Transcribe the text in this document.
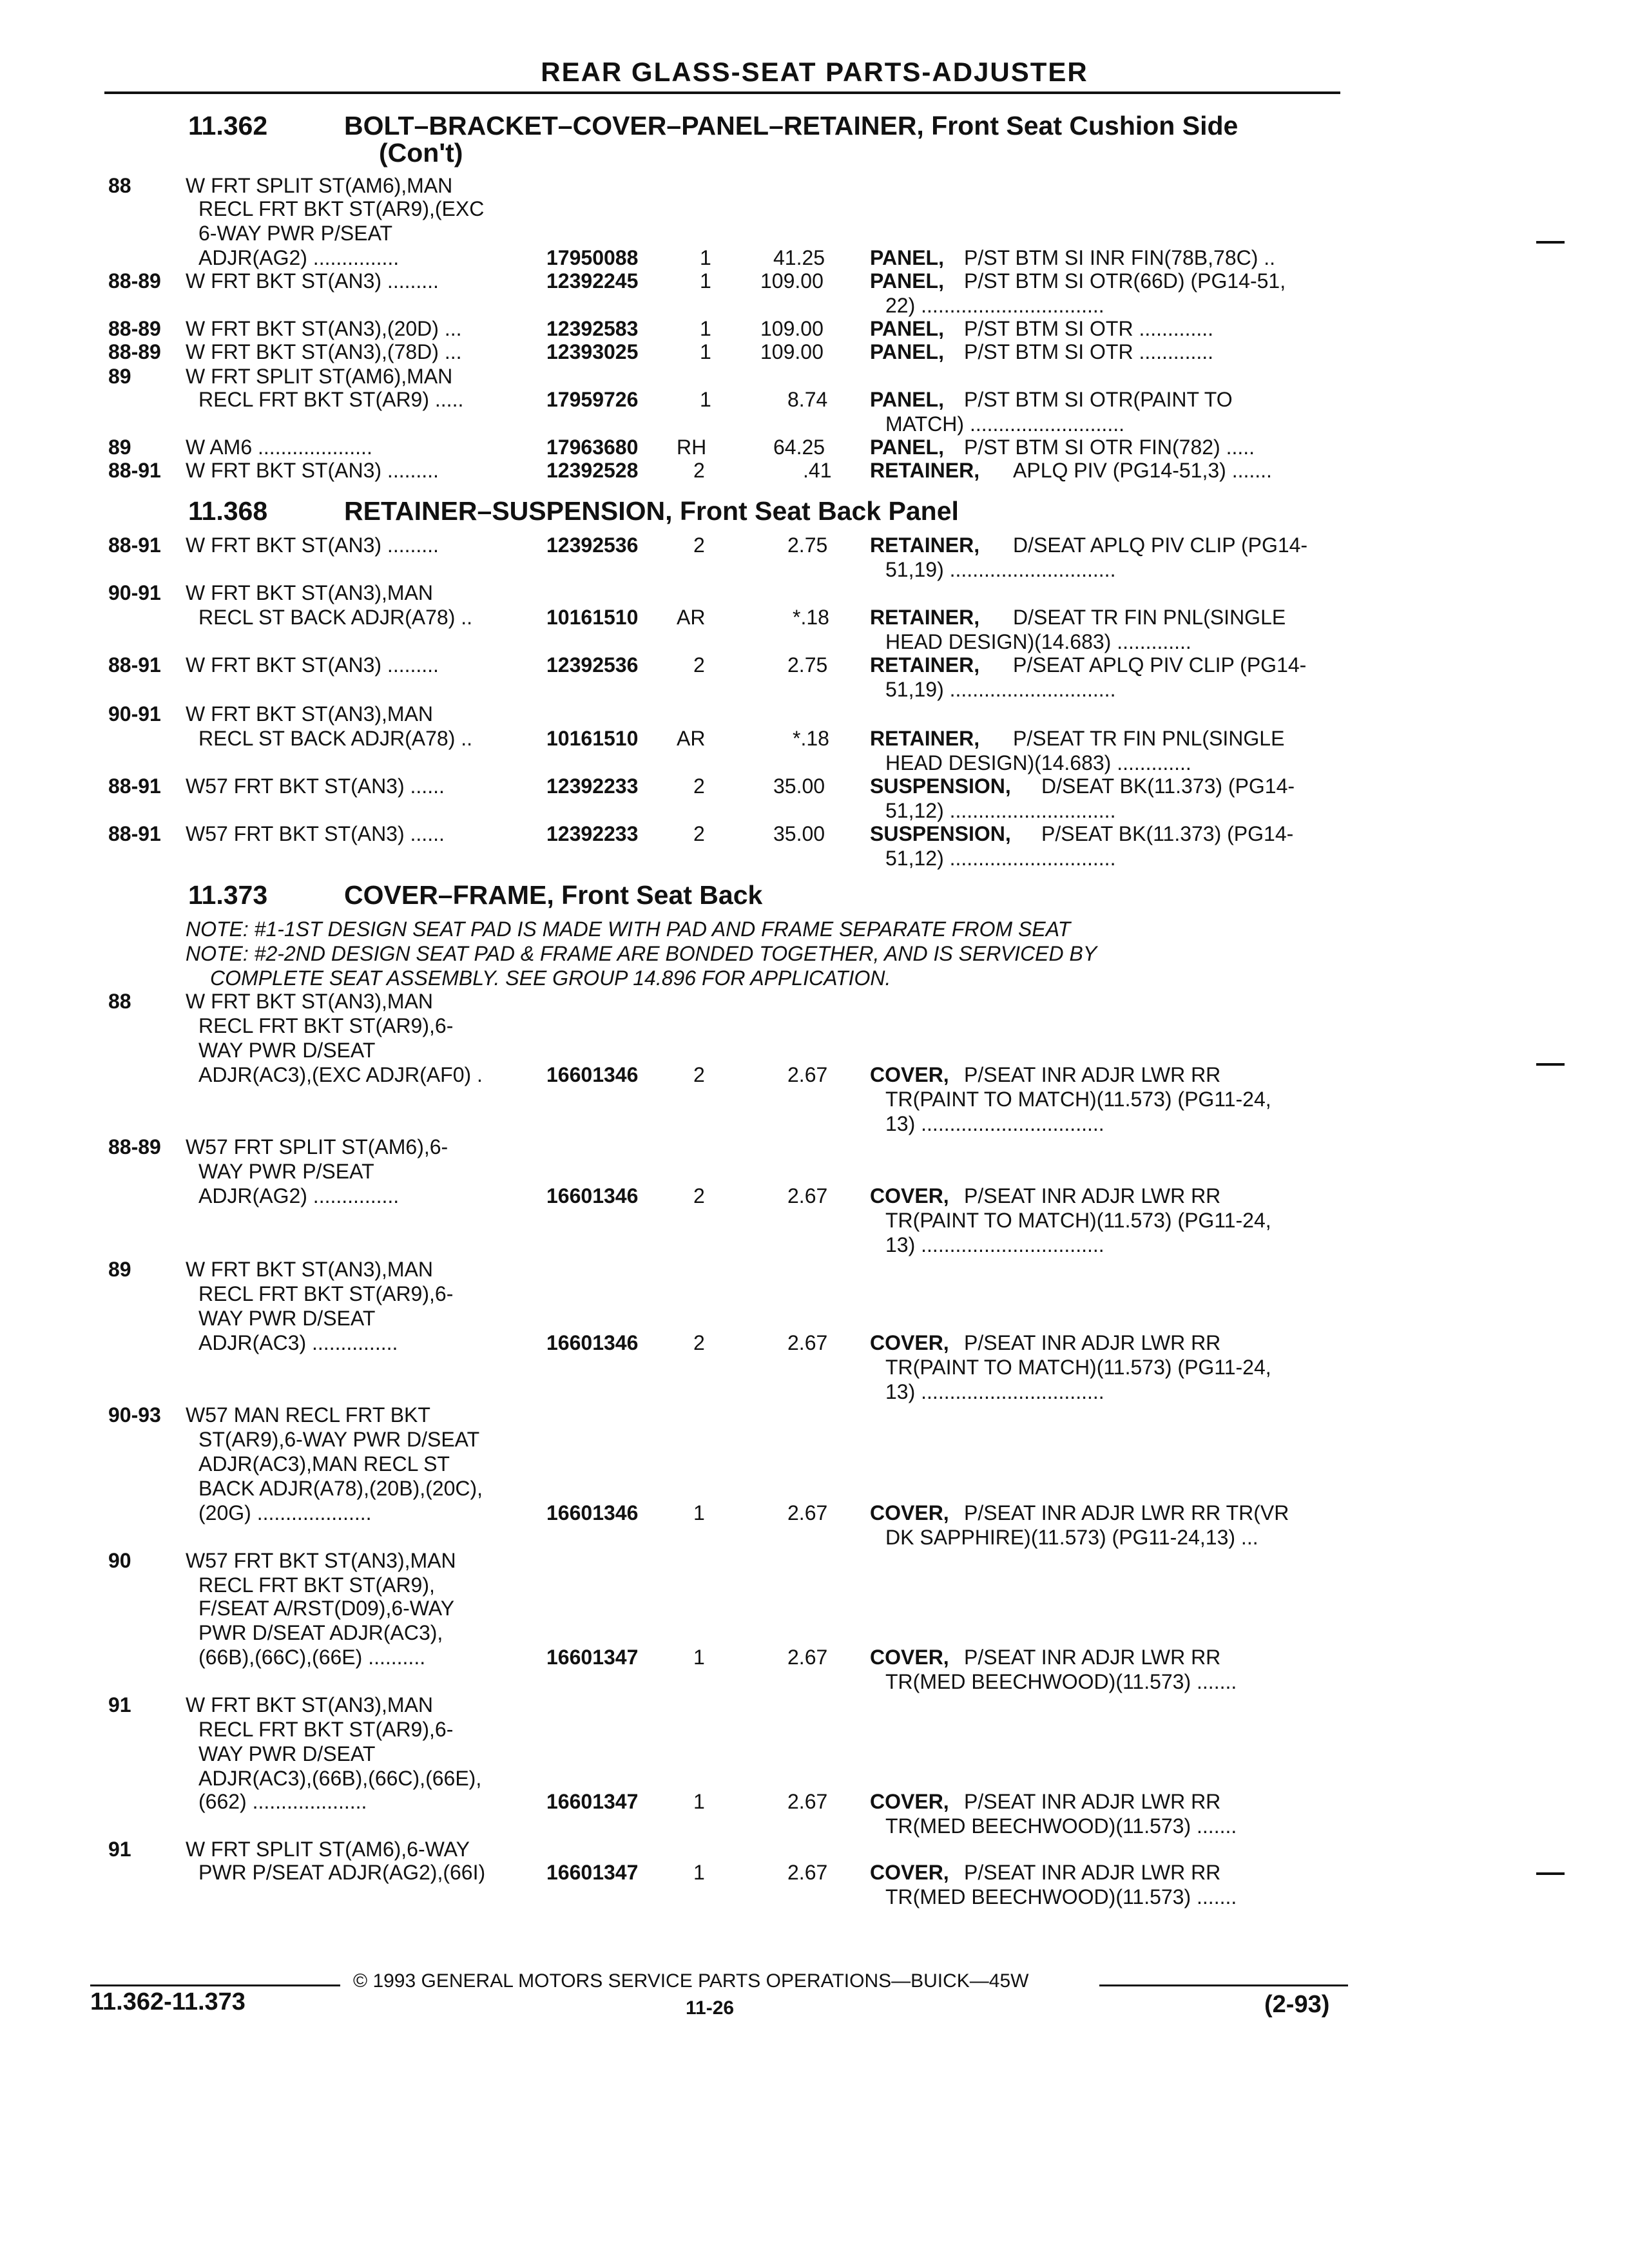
REAR GLASS-SEAT PARTS-ADJUSTER
11.362	BOLT–BRACKET–COVER–PANEL–RETAINER, Front Seat Cushion Side
(Con't)
88	W FRT SPLIT ST(AM6),MAN
RECL FRT BKT ST(AR9),(EXC
6-WAY PWR P/SEAT
ADJR(AG2) ...............	17950088	1	41.25 PANEL, P/ST BTM SI INR FIN(78B,78C) ..
88-89 W FRT BKT ST(AN3) .........	12392245	1 109.00 PANEL, P/ST BTM SI OTR(66D) (PG14-51,
22) ................................
88-89 W FRT BKT ST(AN3),(20D) ...	12392583	1 109.00 PANEL, P/ST BTM SI OTR .............
88-89 W FRT BKT ST(AN3),(78D) ...	12393025	1 109.00 PANEL, P/ST BTM SI OTR .............
89	W FRT SPLIT ST(AM6),MAN
RECL FRT BKT ST(AR9) .....	17959726	1	8.74 PANEL, P/ST BTM SI OTR(PAINT TO
MATCH) ...........................
89	W AM6 ....................	17963680 RH	64.25 PANEL, P/ST BTM SI OTR FIN(782) .....
88-91 W FRT BKT ST(AN3) .........	12392528	2	.41 RETAINER, APLQ PIV (PG14-51,3) .......
88-91 W FRT BKT ST(AN3) .........	12392536	2	2.75 RETAINER, D/SEAT APLQ PIV CLIP (PG14-
51,19) .............................
90-91 W FRT BKT ST(AN3),MAN
RECL ST BACK ADJR(A78) ..	10161510 AR	*.18 RETAINER, D/SEAT TR FIN PNL(SINGLE
HEAD DESIGN)(14.683) .............
88-91 W FRT BKT ST(AN3) .........	12392536	2	2.75 RETAINER, P/SEAT APLQ PIV CLIP (PG14-
51,19) .............................
90-91 W FRT BKT ST(AN3),MAN
RECL ST BACK ADJR(A78) ..	10161510 AR	*.18 RETAINER, P/SEAT TR FIN PNL(SINGLE
HEAD DESIGN)(14.683) .............
88-91 W57 FRT BKT ST(AN3) ......	12392233	2	35.00 SUSPENSION, D/SEAT BK(11.373) (PG14-
51,12) .............................
88-91 W57 FRT BKT ST(AN3) ......	12392233	2	35.00 SUSPENSION, P/SEAT BK(11.373) (PG14-
51,12) .............................
NOTE: #1-1ST DESIGN SEAT PAD IS MADE WITH PAD AND FRAME SEPARATE FROM SEAT
NOTE: #2-2ND DESIGN SEAT PAD & FRAME ARE BONDED TOGETHER, AND IS SERVICED BY
COMPLETE SEAT ASSEMBLY. SEE GROUP 14.896 FOR APPLICATION.
88	W FRT BKT ST(AN3),MAN
RECL FRT BKT ST(AR9),6-
WAY PWR D/SEAT
ADJR(AC3),(EXC ADJR(AF0) .	16601346	2	2.67 COVER, P/SEAT INR ADJR LWR RR
TR(PAINT TO MATCH)(11.573) (PG11-24,
13) ................................
88-89 W57 FRT SPLIT ST(AM6),6-
WAY PWR P/SEAT
ADJR(AG2) ...............	16601346	2	2.67 COVER, P/SEAT INR ADJR LWR RR
TR(PAINT TO MATCH)(11.573) (PG11-24,
13) ................................
89	W FRT BKT ST(AN3),MAN
RECL FRT BKT ST(AR9),6-
WAY PWR D/SEAT
ADJR(AC3) ...............	16601346	2	2.67 COVER, P/SEAT INR ADJR LWR RR
TR(PAINT TO MATCH)(11.573) (PG11-24,
13) ................................
90-93 W57 MAN RECL FRT BKT
ST(AR9),6-WAY PWR D/SEAT
ADJR(AC3),MAN RECL ST
BACK ADJR(A78),(20B),(20C),
(20G) ....................	16601346	1	2.67 COVER, P/SEAT INR ADJR LWR RR TR(VR
DK SAPPHIRE)(11.573) (PG11-24,13) ...
90	W57 FRT BKT ST(AN3),MAN
RECL FRT BKT ST(AR9),
F/SEAT A/RST(D09),6-WAY
PWR D/SEAT ADJR(AC3),
(66B),(66C),(66E) ..........	16601347	1	2.67 COVER, P/SEAT INR ADJR LWR RR
TR(MED BEECHWOOD)(11.573) .......
91	W FRT BKT ST(AN3),MAN
RECL FRT BKT ST(AR9),6-
WAY PWR D/SEAT
ADJR(AC3),(66B),(66C),(66E),
(662) ....................	16601347	1	2.67 COVER, P/SEAT INR ADJR LWR RR
TR(MED BEECHWOOD)(11.573) .......
91	W FRT SPLIT ST(AM6),6-WAY
PWR P/SEAT ADJR(AG2),(66I)	16601347	1	2.67 COVER, P/SEAT INR ADJR LWR RR
TR(MED BEECHWOOD)(11.573) .......
11.368	RETAINER–SUSPENSION, Front Seat Back Panel
11.373	COVER–FRAME, Front Seat Back
© 1993 GENERAL MOTORS SERVICE PARTS OPERATIONS—BUICK—45W
11.362-11.373	11-26	(2-93)
